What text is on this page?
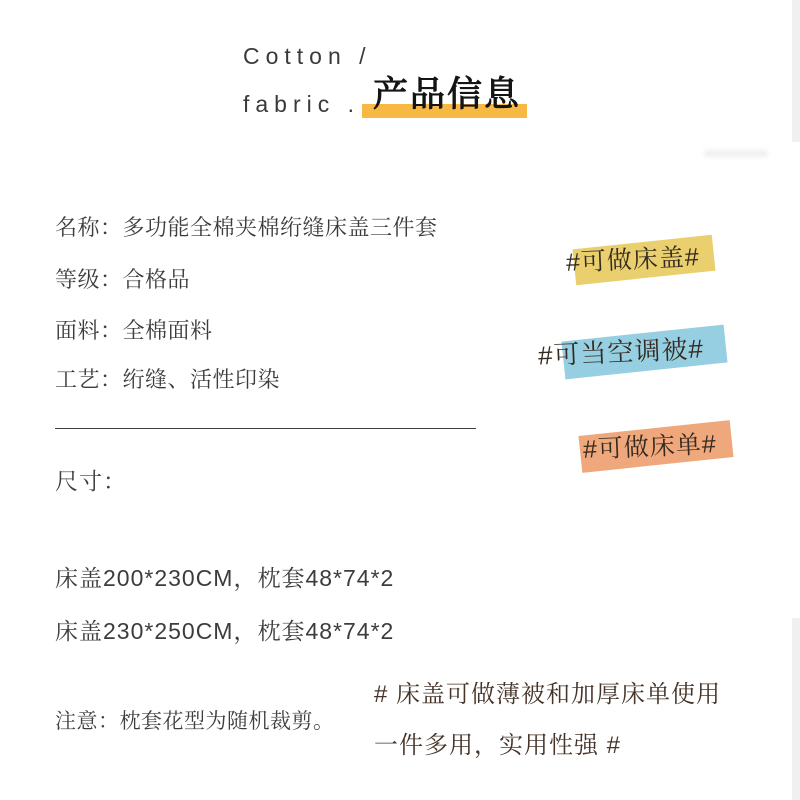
Cotton /
fabric . 产品信息
名称：多功能全棉夹棉绗缝床盖三件套
等级：合格品
面料：全棉面料
工艺：绗缝、活性印染
尺寸：
床盖200*230CM，枕套48*74*2
床盖230*250CM，枕套48*74*2
注意：枕套花型为随机裁剪。
#可做床盖#
#可当空调被#
#可做床单#
# 床盖可做薄被和加厚床单使用
一件多用，实用性强 #
